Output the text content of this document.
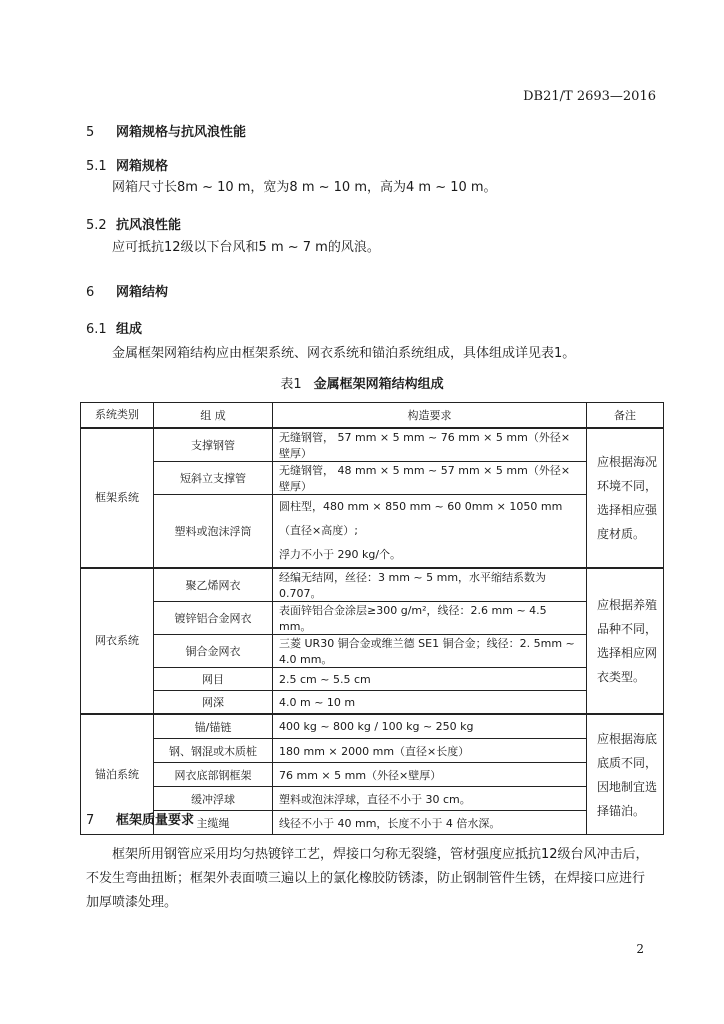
DB21/T 2693—2016
5 网箱规格与抗风浪性能
5.1 网箱规格
网箱尺寸长8m ~ 10 m，宽为8 m ~ 10 m，高为4 m ~ 10 m。
5.2 抗风浪性能
应可抵抗12级以下台风和5 m ~ 7 m的风浪。
6 网箱结构
6.1 组成
金属框架网箱结构应由框架系统、网衣系统和锚泊系统组成，具体组成详见表1。
表1 金属框架网箱结构组成
系统类别	组 成	构造要求	备注
框架系统	支撑钢管	无缝钢管， 57 mm × 5 mm ~ 76 mm × 5 mm（外径×壁厚）	应根据海况环境不同，选择相应强度材质。
	短斜立支撑管	无缝钢管， 48 mm × 5 mm ~ 57 mm × 5 mm（外径×壁厚）	
	塑料或泡沫浮筒	圆柱型，480 mm × 850 mm ~ 60 0mm × 1050 mm （直径×高度）;
浮力不小于 290 kg/个。	

网衣系统	聚乙烯网衣	经编无结网，丝径：3 mm ~ 5 mm，水平缩结系数为 0.707。	应根据养殖品种不同，选择相应网衣类型。
	镀锌铝合金网衣	表面锌铝合金涂层≥300 g/m²，线径：2.6 mm ~ 4.5 mm。	
	铜合金网衣	三菱 UR30 铜合金或维兰德 SE1 铜合金；线径：2. 5mm ~ 4.0 mm。	
	网目	2.5 cm ~ 5.5 cm	
	网深	4.0 m ~ 10 m	
锚泊系统	锚/锚链	400 kg ~ 800 kg / 100 kg ~ 250 kg	应根据海底底质不同，因地制宜选择锚泊。
	钢、钢混或木质桩	180 mm × 2000 mm（直径×长度）	
	网衣底部钢框架	76 mm × 5 mm（外径×壁厚）	
	缓冲浮球	塑料或泡沫浮球，直径不小于 30 cm。	
	主缆绳	线径不小于 40 mm，长度不小于 4 倍水深。	
7 框架质量要求
框架所用钢管应采用均匀热镀锌工艺，焊接口匀称无裂缝，管材强度应抵抗12级台风冲击后，不发生弯曲扭断；框架外表面喷三遍以上的氯化橡胶防锈漆，防止钢制管件生锈，在焊接口应进行加厚喷漆处理。
2
